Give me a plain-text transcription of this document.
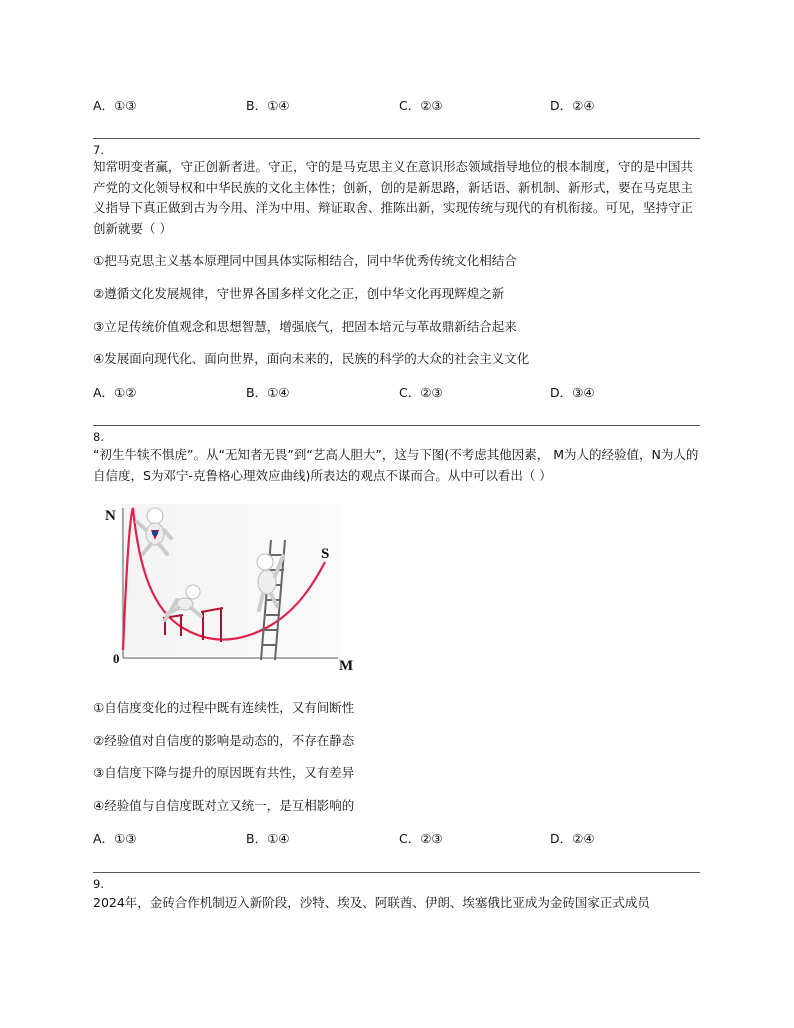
A．①③	B．①④	C．②③	D．②④
7.
知常明变者赢，守正创新者进。守正，守的是马克思主义在意识形态领域指导地位的根本制度，守的是中国共产党的文化领导权和中华民族的文化主体性；创新，创的是新思路，新话语、新机制、新形式，要在马克思主义指导下真正做到古为今用、洋为中用、辩证取舍、推陈出新，实现传统与现代的有机衔接。可见，坚持守正创新就要（ ）
①把马克思主义基本原理同中国具体实际相结合，同中华优秀传统文化相结合
②遵循文化发展规律，守世界各国多样文化之正，创中华文化再现辉煌之新
③立足传统价值观念和思想智慧，增强底气，把固本培元与革故鼎新结合起来
④发展面向现代化、面向世界，面向未来的，民族的科学的大众的社会主义文化
A．①②	B．①④	C．②③	D．③④
8.
“初生牛犊不惧虎”。从“无知者无畏”到“艺高人胆大”，这与下图(不考虑其他因素， M为人的经验值，N为人的自信度，S为邓宁-克鲁格心理效应曲线)所表达的观点不谋而合。从中可以看出（ ）
N
M
0
S
①自信度变化的过程中既有连续性，又有间断性
②经验值对自信度的影响是动态的，不存在静态
③自信度下降与提升的原因既有共性，又有差异
④经验值与自信度既对立又统一，是互相影响的
A．①③	B．①④	C．②③	D．②④
9.
2024年，金砖合作机制迈入新阶段，沙特、埃及、阿联酋、伊朗、埃塞俄比亚成为金砖国家正式成员
